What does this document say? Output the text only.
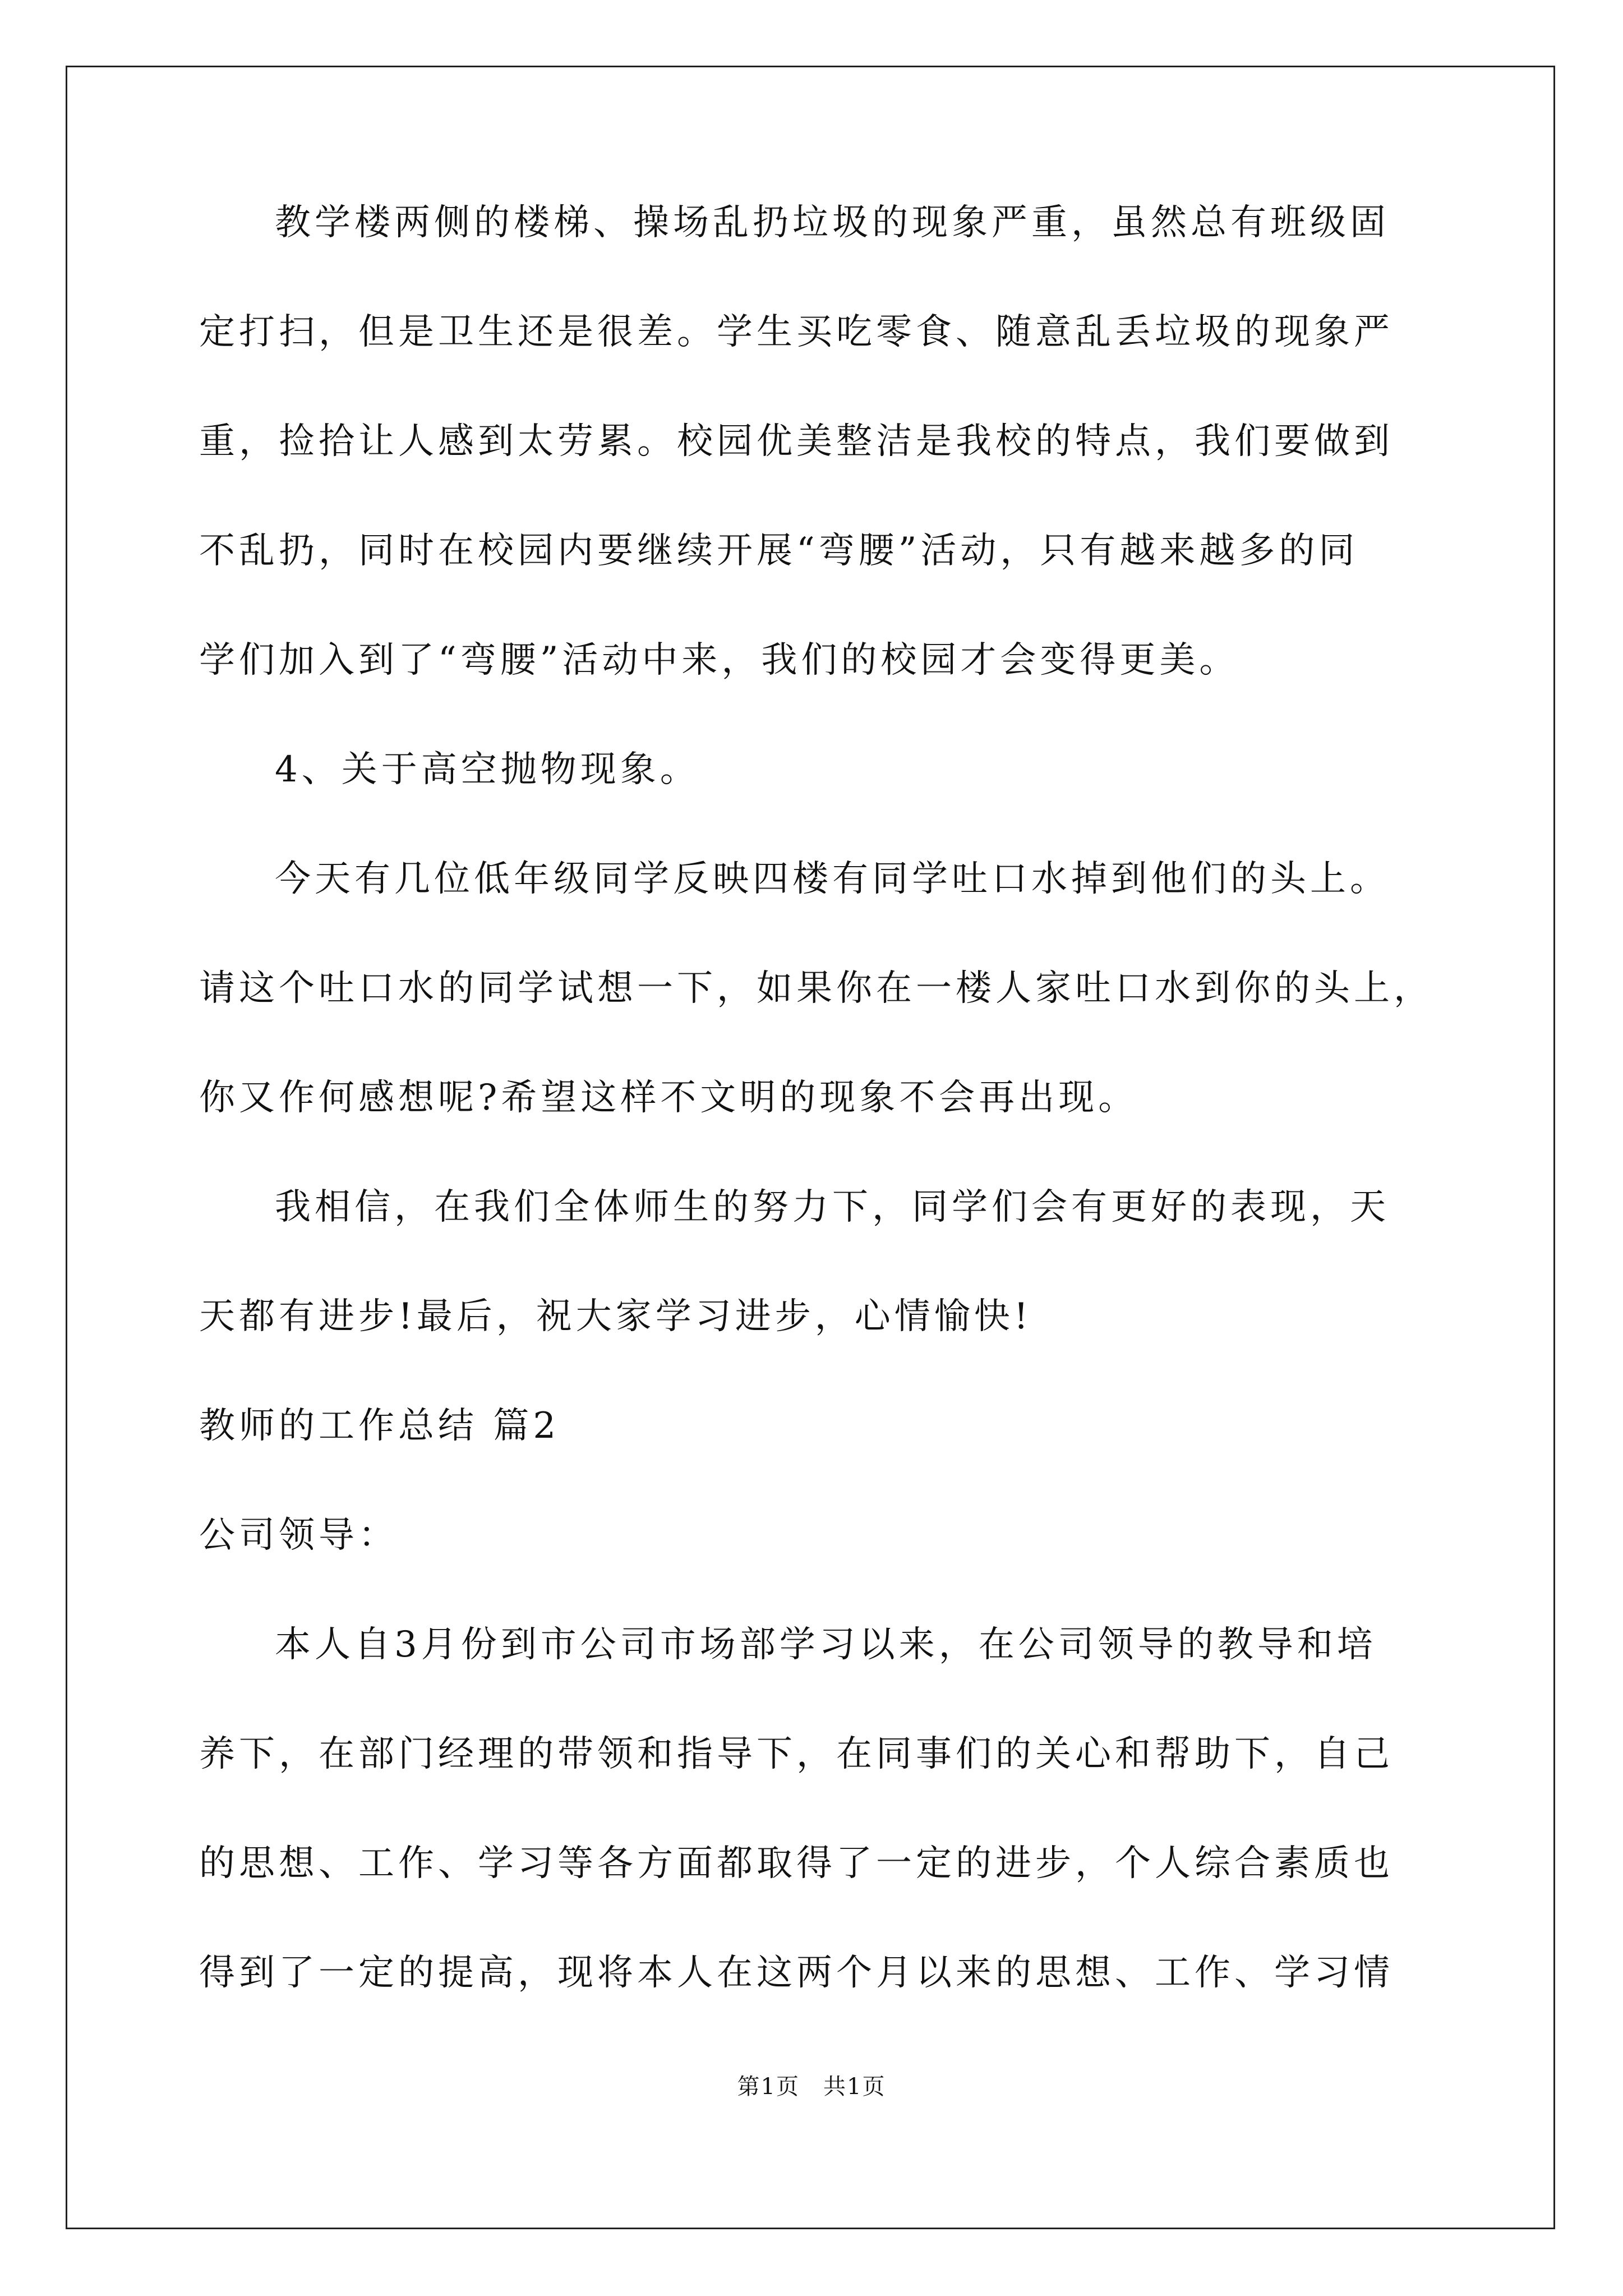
教学楼两侧的楼梯、操场乱扔垃圾的现象严重，虽然总有班级固

定打扫，但是卫生还是很差。学生买吃零食、随意乱丢垃圾的现象严

重，捡拾让人感到太劳累。校园优美整洁是我校的特点，我们要做到

不乱扔，同时在校园内要继续开展“弯腰”活动，只有越来越多的同

学们加入到了“弯腰”活动中来，我们的校园才会变得更美。

4、关于高空抛物现象。

今天有几位低年级同学反映四楼有同学吐口水掉到他们的头上。

请这个吐口水的同学试想一下，如果你在一楼人家吐口水到你的头上，

你又作何感想呢?希望这样不文明的现象不会再出现。

我相信，在我们全体师生的努力下，同学们会有更好的表现，天

天都有进步!最后，祝大家学习进步，心情愉快!

教师的工作总结 篇2

公司领导：

本人自3月份到市公司市场部学习以来，在公司领导的教导和培

养下，在部门经理的带领和指导下，在同事们的关心和帮助下，自己

的思想、工作、学习等各方面都取得了一定的进步，个人综合素质也

得到了一定的提高，现将本人在这两个月以来的思想、工作、学习情

第1页　共1页
